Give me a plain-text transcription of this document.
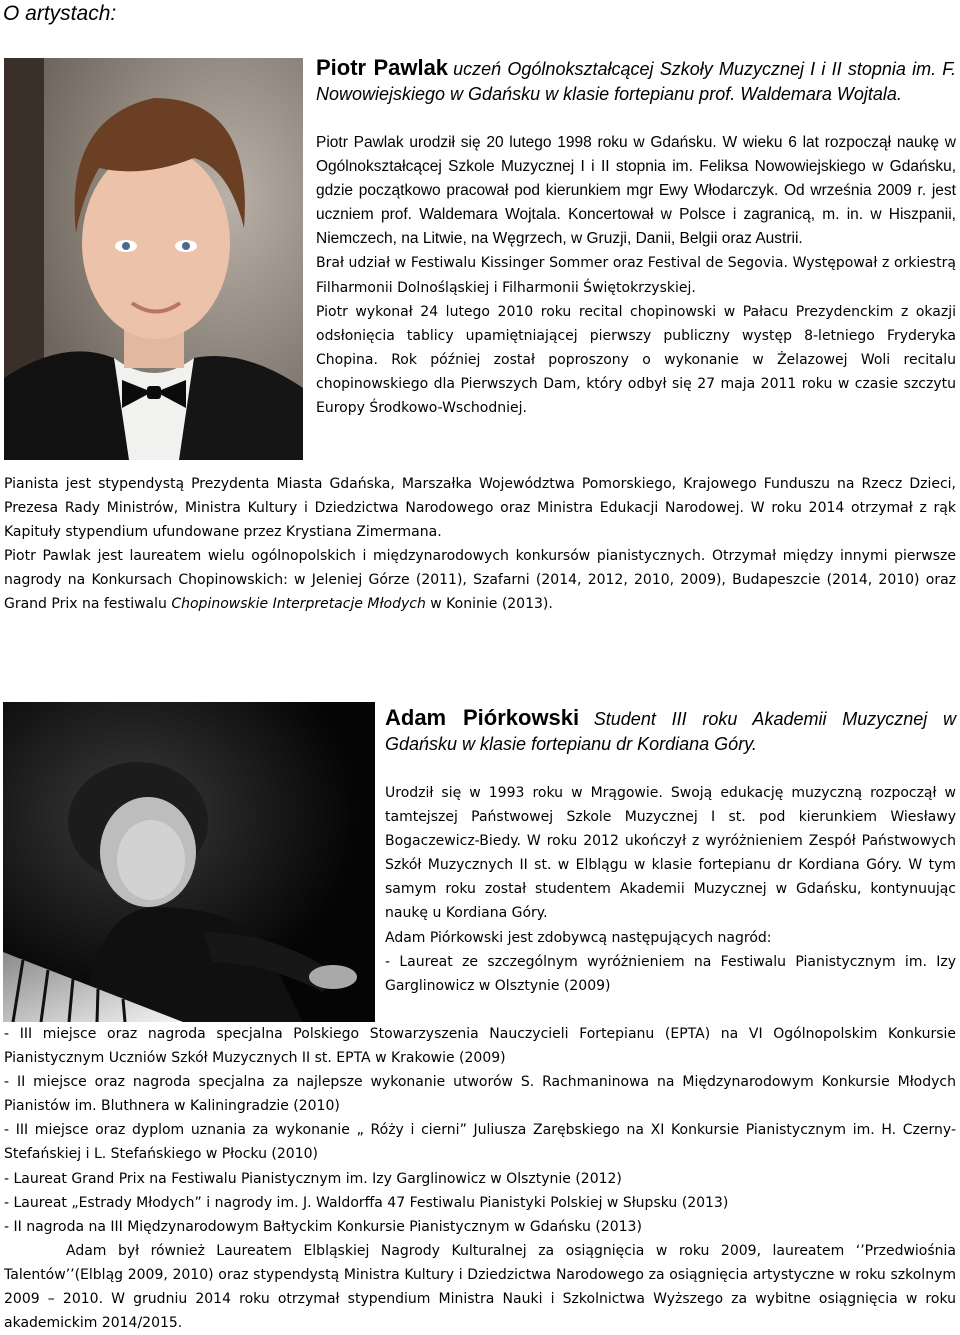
O artystach:

Piotr Pawlak uczeń Ogólnokształcącej Szkoły Muzycznej I i II stopnia im. F. Nowowiejskiego w Gdańsku w klasie fortepianu prof. Waldemara Wojtala.

Piotr Pawlak urodził się 20 lutego 1998 roku w Gdańsku. W wieku 6 lat rozpoczął naukę w Ogólnokształcącej Szkole Muzycznej I i II stopnia im. Feliksa Nowowiejskiego w Gdańsku, gdzie początkowo pracował pod kierunkiem mgr Ewy Włodarczyk. Od września 2009 r. jest uczniem prof. Waldemara Wojtala. Koncertował w Polsce i zagranicą, m. in. w Hiszpanii, Niemczech, na Litwie, na Węgrzech, w Gruzji, Danii, Belgii oraz Austrii.

Brał udział w Festiwalu Kissinger Sommer oraz Festival de Segovia. Występował z orkiestrą Filharmonii Dolnośląskiej i Filharmonii Świętokrzyskiej.

Piotr wykonał 24 lutego 2010 roku recital chopinowski w Pałacu Prezydenckim z okazji odsłonięcia tablicy upamiętniającej pierwszy publiczny występ 8-letniego Fryderyka Chopina. Rok później został poproszony o wykonanie w Żelazowej Woli recitalu chopinowskiego dla Pierwszych Dam, który odbył się 27 maja 2011 roku w czasie szczytu Europy Środkowo-Wschodniej.

Pianista jest stypendystą Prezydenta Miasta Gdańska, Marszałka Województwa Pomorskiego, Krajowego Funduszu na Rzecz Dzieci, Prezesa Rady Ministrów, Ministra Kultury i Dziedzictwa Narodowego oraz Ministra Edukacji Narodowej. W roku 2014 otrzymał z rąk Kapituły stypendium ufundowane przez Krystiana Zimermana.

Piotr Pawlak jest laureatem wielu ogólnopolskich i międzynarodowych konkursów pianistycznych. Otrzymał między innymi pierwsze nagrody na Konkursach Chopinowskich: w Jeleniej Górze (2011), Szafarni (2014, 2012, 2010, 2009), Budapeszcie (2014, 2010) oraz Grand Prix na festiwalu Chopinowskie Interpretacje Młodych w Koninie (2013).

Adam Piórkowski Student III roku Akademii Muzycznej w Gdańsku w klasie fortepianu dr Kordiana Góry.

Urodził się w 1993 roku w Mrągowie. Swoją edukację muzyczną rozpoczął w tamtejszej Państwowej Szkole Muzycznej I st. pod kierunkiem Wiesławy Bogaczewicz-Biedy. W roku 2012 ukończył z wyróżnieniem Zespół Państwowych Szkół Muzycznych II st. w Elblągu w klasie fortepianu dr Kordiana Góry. W tym samym roku został studentem Akademii Muzycznej w Gdańsku, kontynuując naukę u Kordiana Góry.

Adam Piórkowski jest zdobywcą następujących nagród:

- Laureat ze szczególnym wyróżnieniem na Festiwalu Pianistycznym im. Izy Garglinowicz w Olsztynie (2009)

- III miejsce oraz nagroda specjalna Polskiego Stowarzyszenia Nauczycieli Fortepianu (EPTA) na VI Ogólnopolskim Konkursie Pianistycznym Uczniów Szkół Muzycznych II st. EPTA w Krakowie (2009)

- II miejsce oraz nagroda specjalna za najlepsze wykonanie utworów S. Rachmaninowa na Międzynarodowym Konkursie Młodych Pianistów im. Bluthnera w Kaliningradzie (2010)

- III miejsce oraz dyplom uznania za wykonanie „ Róży i cierni” Juliusza Zarębskiego na XI Konkursie Pianistycznym im. H. Czerny-Stefańskiej i L. Stefańskiego w Płocku (2010)

- Laureat Grand Prix na Festiwalu Pianistycznym im. Izy Garglinowicz w Olsztynie (2012)

- Laureat „Estrady Młodych” i nagrody im. J. Waldorffa 47 Festiwalu Pianistyki Polskiej w Słupsku (2013)

- II nagroda na III Międzynarodowym Bałtyckim Konkursie Pianistycznym w Gdańsku (2013)

Adam był również Laureatem Elbląskiej Nagrody Kulturalnej za osiągnięcia w roku 2009, laureatem ‘’Przedwiośnia Talentów’’(Elbląg 2009, 2010) oraz stypendystą Ministra Kultury i Dziedzictwa Narodowego za osiągnięcia artystyczne w roku szkolnym 2009 – 2010. W grudniu 2014 roku otrzymał stypendium Ministra Nauki i Szkolnictwa Wyższego za wybitne osiągnięcia w roku akademickim 2014/2015.
